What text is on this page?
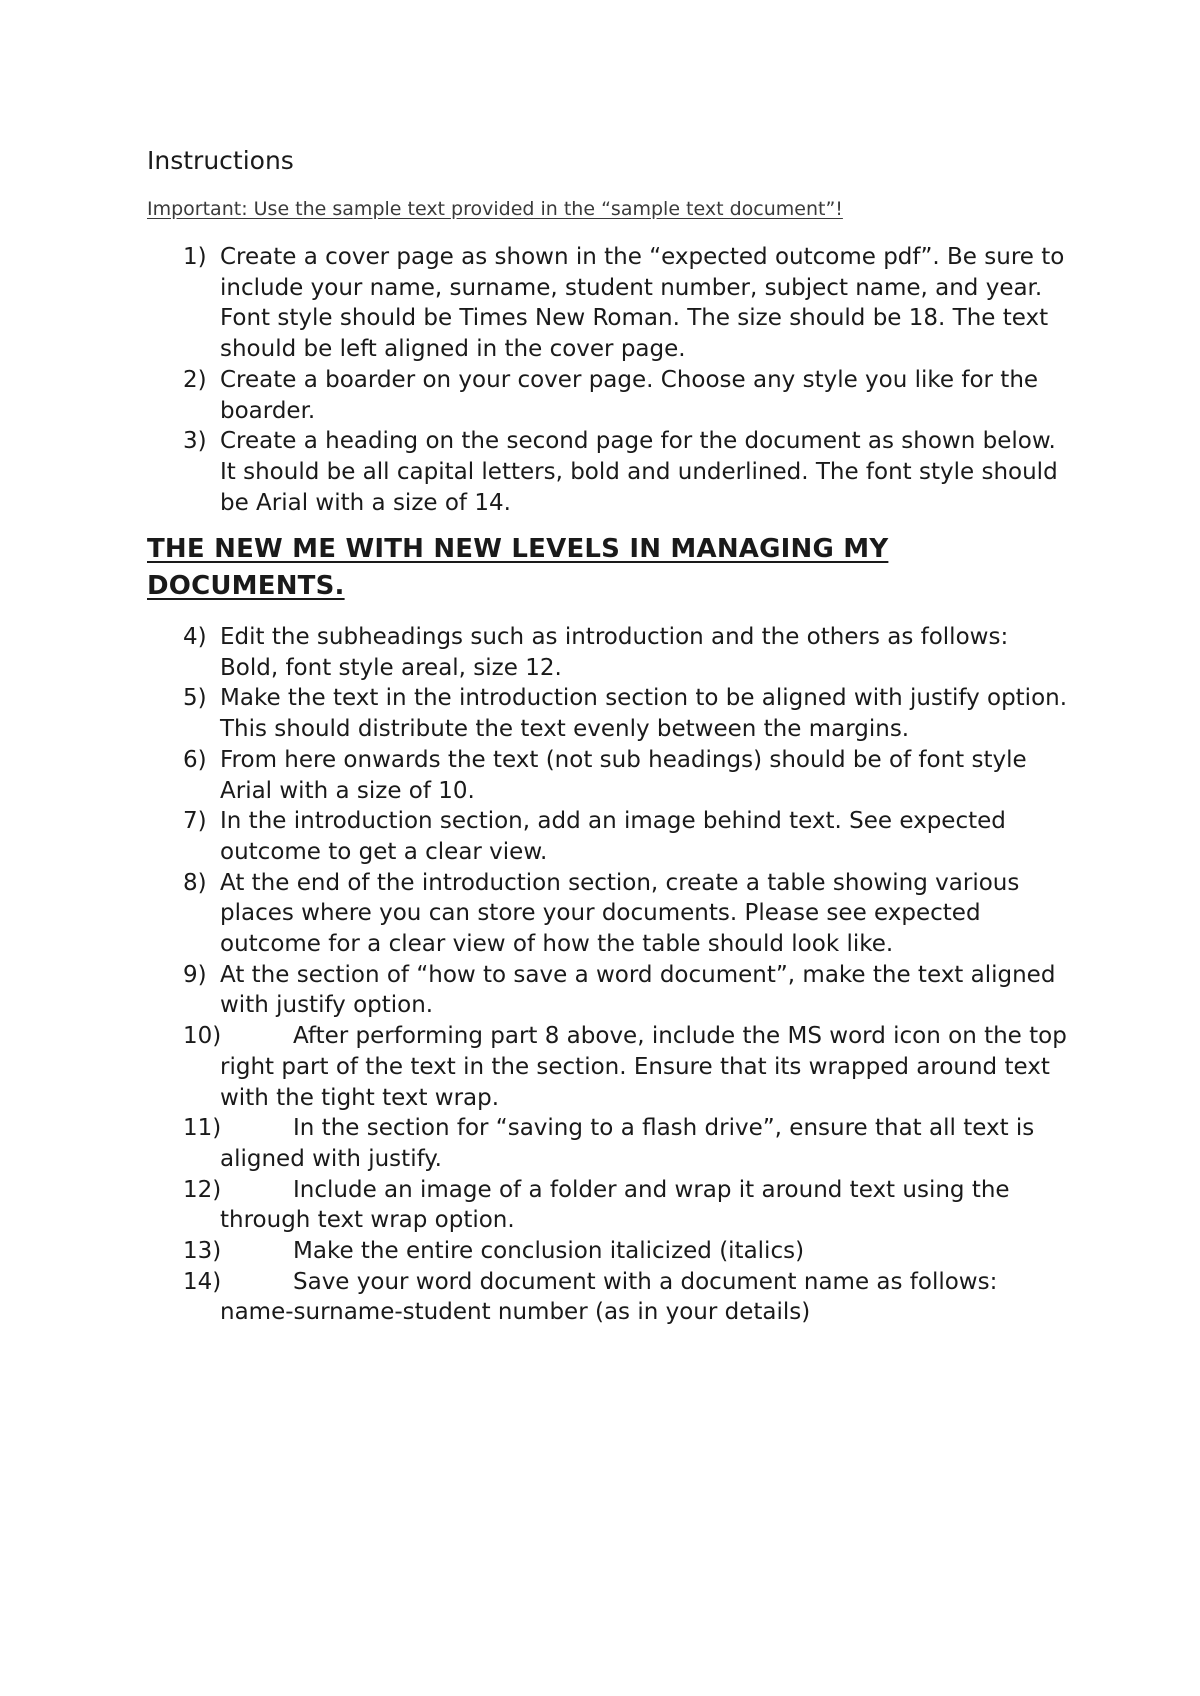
Instructions
Important: Use the sample text provided in the “sample text document”!
1) Create a cover page as shown in the “expected outcome pdf”. Be sure to include your name, surname, student number, subject name, and year. Font style should be Times New Roman. The size should be 18. The text should be left aligned in the cover page.
2) Create a boarder on your cover page. Choose any style you like for the boarder.
3) Create a heading on the second page for the document as shown below. It should be all capital letters, bold and underlined. The font style should be Arial with a size of 14.
THE NEW ME WITH NEW LEVELS IN MANAGING MY DOCUMENTS.
4) Edit the subheadings such as introduction and the others as follows: Bold, font style areal, size 12.
5) Make the text in the introduction section to be aligned with justify option. This should distribute the text evenly between the margins.
6) From here onwards the text (not sub headings) should be of font style Arial with a size of 10.
7) In the introduction section, add an image behind text. See expected outcome to get a clear view.
8) At the end of the introduction section, create a table showing various places where you can store your documents. Please see expected outcome for a clear view of how the table should look like.
9) At the section of “how to save a word document”, make the text aligned with justify option.
10)	After performing part 8 above, include the MS word icon on the top right part of the text in the section. Ensure that its wrapped around text with the tight text wrap.
11)	In the section for “saving to a flash drive”, ensure that all text is aligned with justify.
12)	Include an image of a folder and wrap it around text using the through text wrap option.
13)	Make the entire conclusion italicized (italics)
14)	Save your word document with a document name as follows: name-surname-student number (as in your details)
